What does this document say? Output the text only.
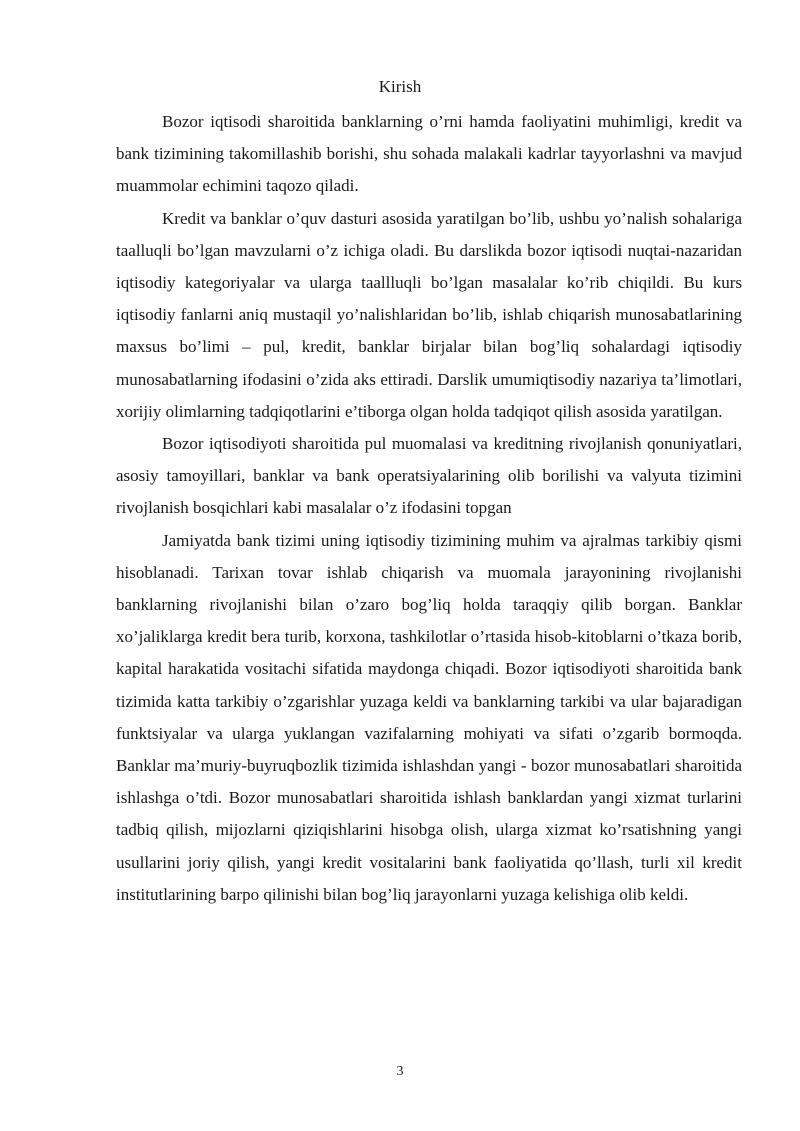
Kirish

Bozor iqtisodi sharoitida banklarning o’rni hamda faoliyatini muhimligi, kredit va bank tizimining takomillashib borishi, shu sohada malakali kadrlar tayyorlashni va mavjud muammolar echimini taqozo qiladi.

Kredit va banklar o’quv dasturi asosida yaratilgan bo’lib, ushbu yo’nalish sohalariga taalluqli bo’lgan mavzularni o’z ichiga oladi. Bu darslikda bozor iqtisodi nuqtai-nazaridan iqtisodiy kategoriyalar va ularga taallluqli bo’lgan masalalar ko’rib chiqildi. Bu kurs iqtisodiy fanlarni aniq mustaqil yo’nalishlaridan bo’lib, ishlab chiqarish munosabatlarining maxsus bo’limi – pul, kredit, banklar birjalar bilan bog’liq sohalardagi iqtisodiy munosabatlarning ifodasini o’zida aks ettiradi. Darslik umumiqtisodiy nazariya ta’limotlari, xorijiy olimlarning tadqiqotlarini e’tiborga olgan holda tadqiqot qilish asosida yaratilgan.

Bozor iqtisodiyoti sharoitida pul muomalasi va kreditning rivojlanish qonuniyatlari, asosiy tamoyillari, banklar va bank operatsiyalarining olib borilishi va valyuta tizimini rivojlanish bosqichlari kabi masalalar o’z ifodasini topgan

Jamiyatda bank tizimi uning iqtisodiy tizimining muhim va ajralmas tarkibiy qismi hisoblanadi. Tarixan tovar ishlab chiqarish va muomala jarayonining rivojlanishi banklarning rivojlanishi bilan o’zaro bog’liq holda taraqqiy qilib borgan. Banklar xo’jaliklarga kredit bera turib, korxona, tashkilotlar o’rtasida hisob-kitoblarni o’tkaza borib, kapital harakatida vositachi sifatida maydonga chiqadi. Bozor iqtisodiyoti sharoitida bank tizimida katta tarkibiy o’zgarishlar yuzaga keldi va banklarning tarkibi va ular bajaradigan funktsiyalar va ularga yuklangan vazifalarning mohiyati va sifati o’zgarib bormoqda. Banklar ma’muriy-buyruqbozlik tizimida ishlashdan yangi - bozor munosabatlari sharoitida ishlashga o’tdi. Bozor munosabatlari sharoitida ishlash banklardan yangi xizmat turlarini tadbiq qilish, mijozlarni qiziqishlarini hisobga olish, ularga xizmat ko’rsatishning yangi usullarini joriy qilish, yangi kredit vositalarini bank faoliyatida qo’llash, turli xil kredit institutlarining barpo qilinishi bilan bog’liq jarayonlarni yuzaga kelishiga olib keldi.

3
